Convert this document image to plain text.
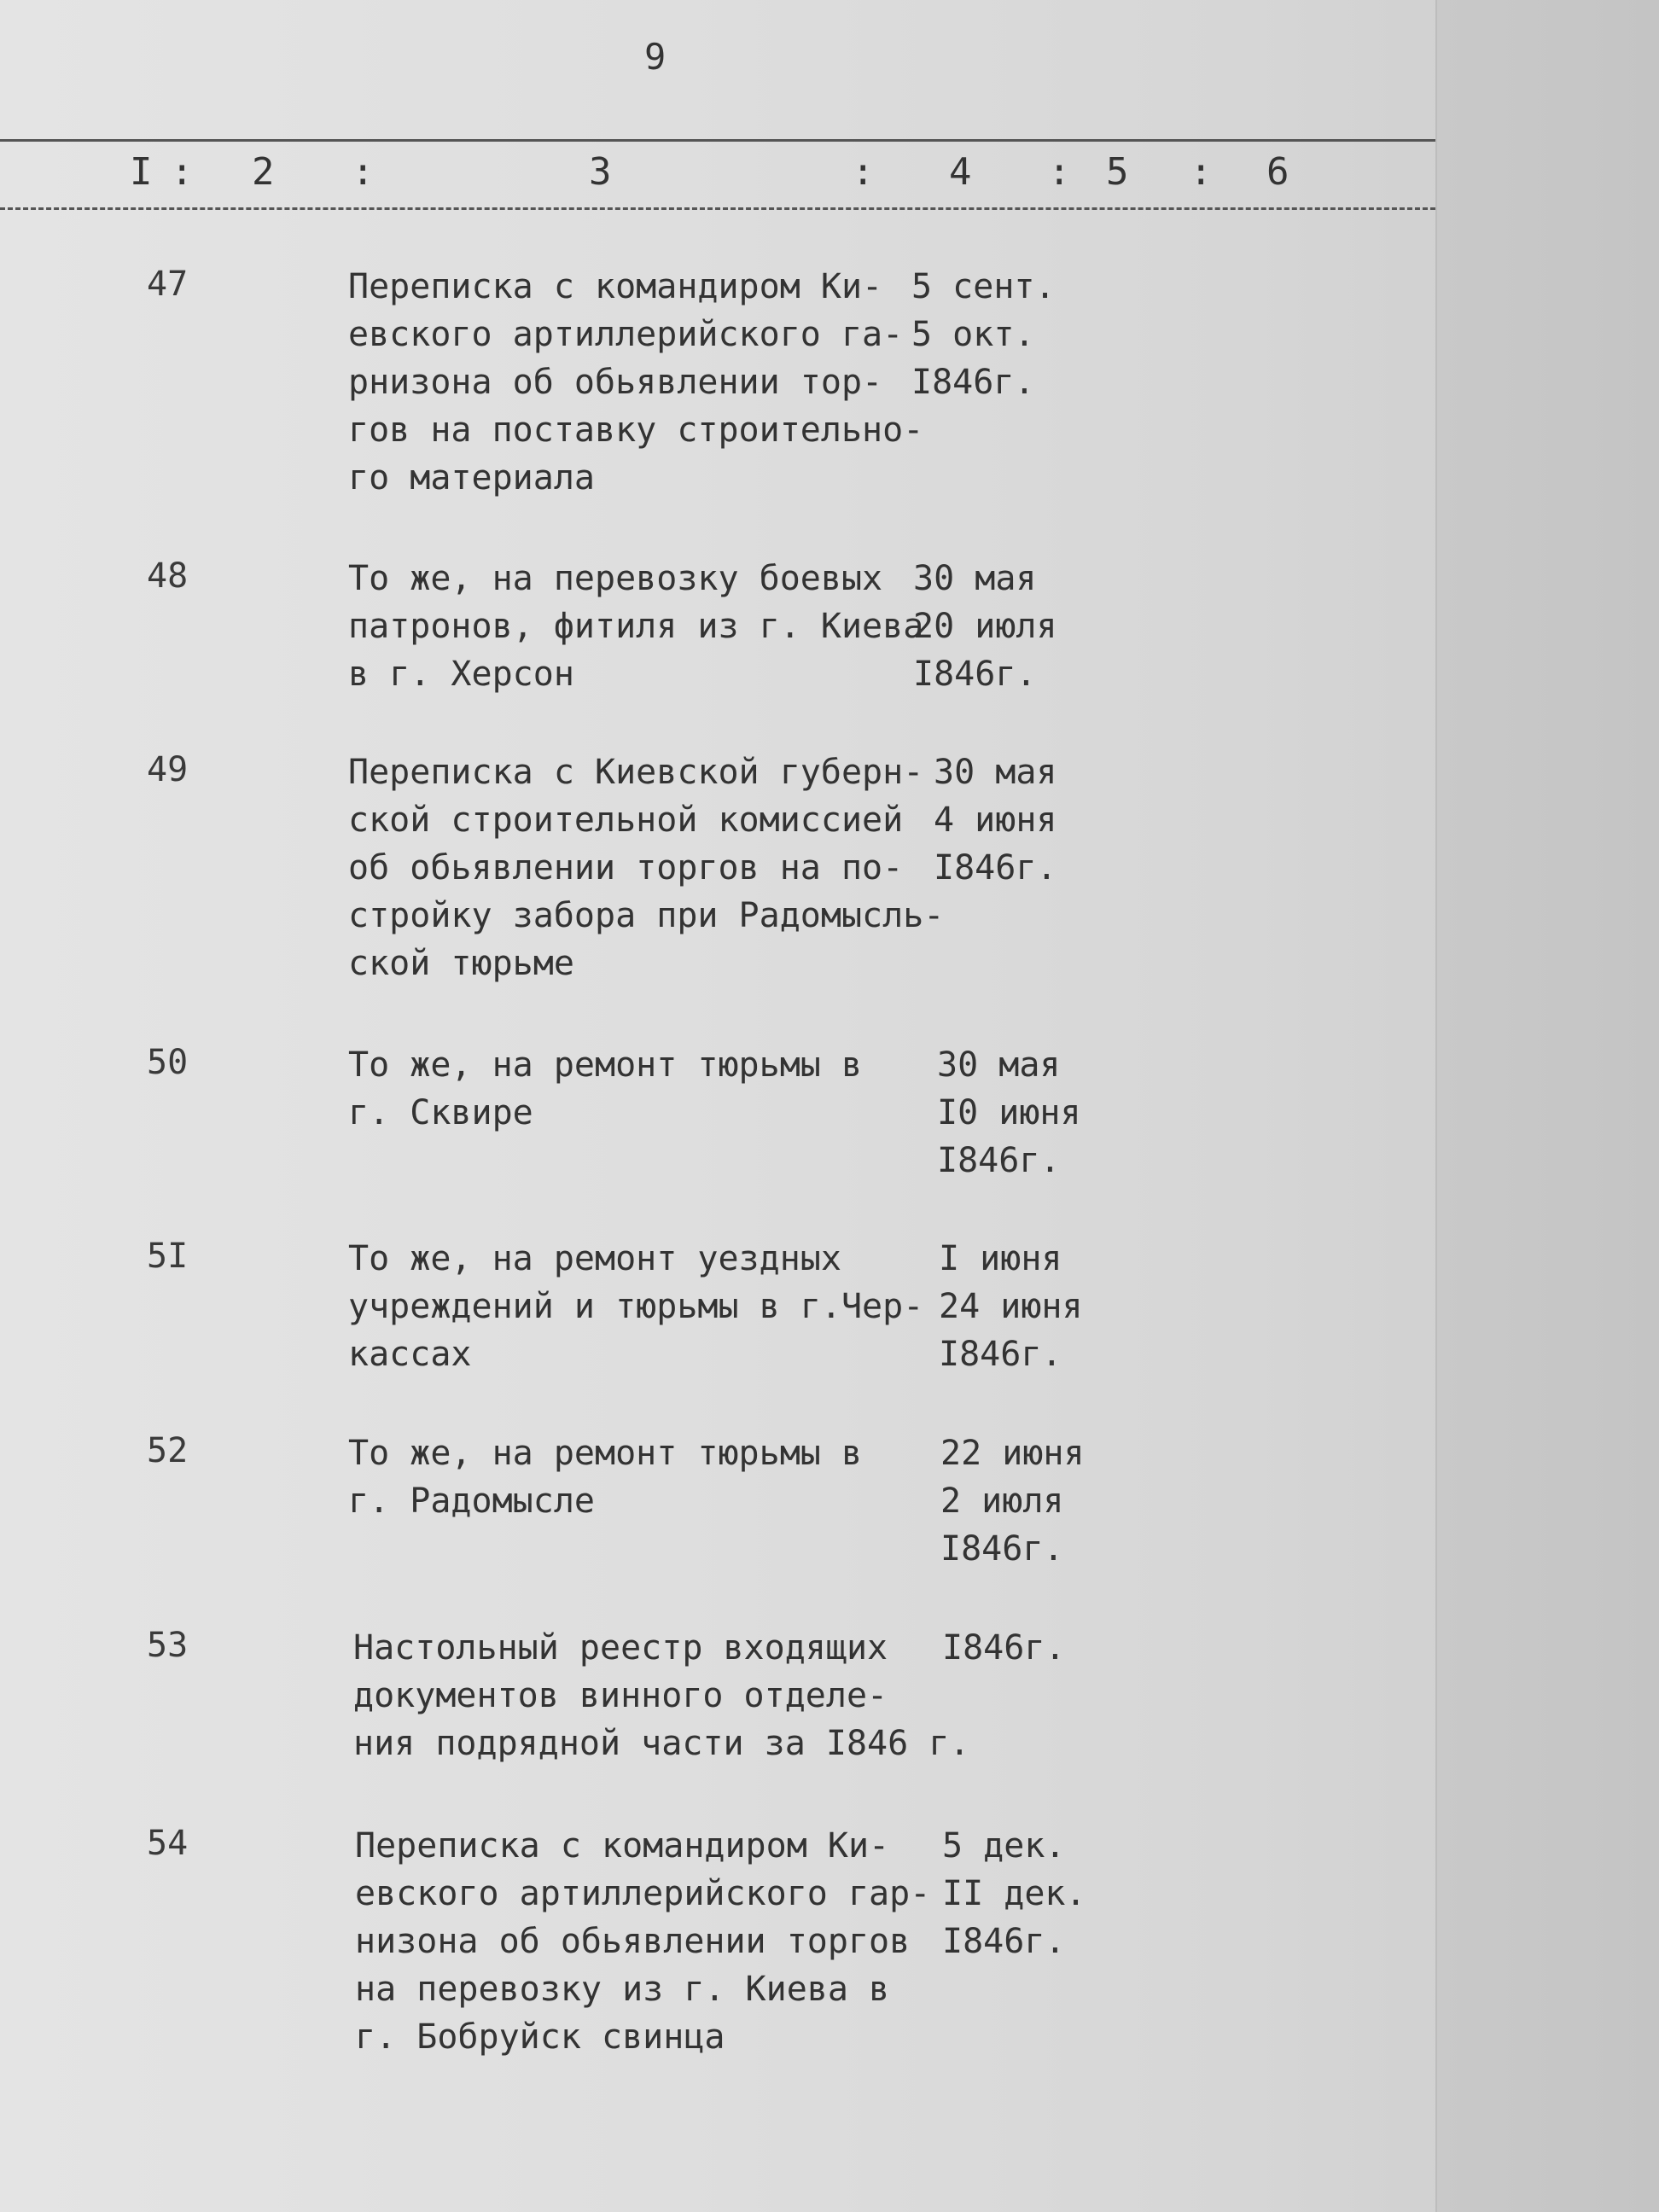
9
I : 2 :	3	: 4 : 5 : 6
47	Переписка с командиром Ки-
евского артиллерийского га-
рнизона об обьявлении тор-
гов на поставку строительно-
го материала
5 сент.
5 окт.
I846г.
48	То же, на перевозку боевых
патронов, фитиля из г. Киева
в г. Херсон
30 мая
20 июля
I846г.
49	Переписка с Киевской губерн-
ской строительной комиссией
об обьявлении торгов на по-
стройку забора при Радомысль-
ской тюрьме
30 мая
4 июня
I846г.
50	То же, на ремонт тюрьмы в
г. Сквире
30 мая
I0 июня
I846г.
5I	То же, на ремонт уездных
учреждений и тюрьмы в г.Чер-
кассах
I июня
24 июня
I846г.
52	То же, на ремонт тюрьмы в
г. Радомысле
22 июня
2 июля
I846г.
53	Настольный реестр входящих
документов винного отделе-
ния подрядной части за I846 г.
I846г.
54	Переписка с командиром Ки-
евского артиллерийского гар-
низона об обьявлении торгов
на перевозку из г. Киева в
г. Бобруйск свинца
5 дек.
II дек.
I846г.
